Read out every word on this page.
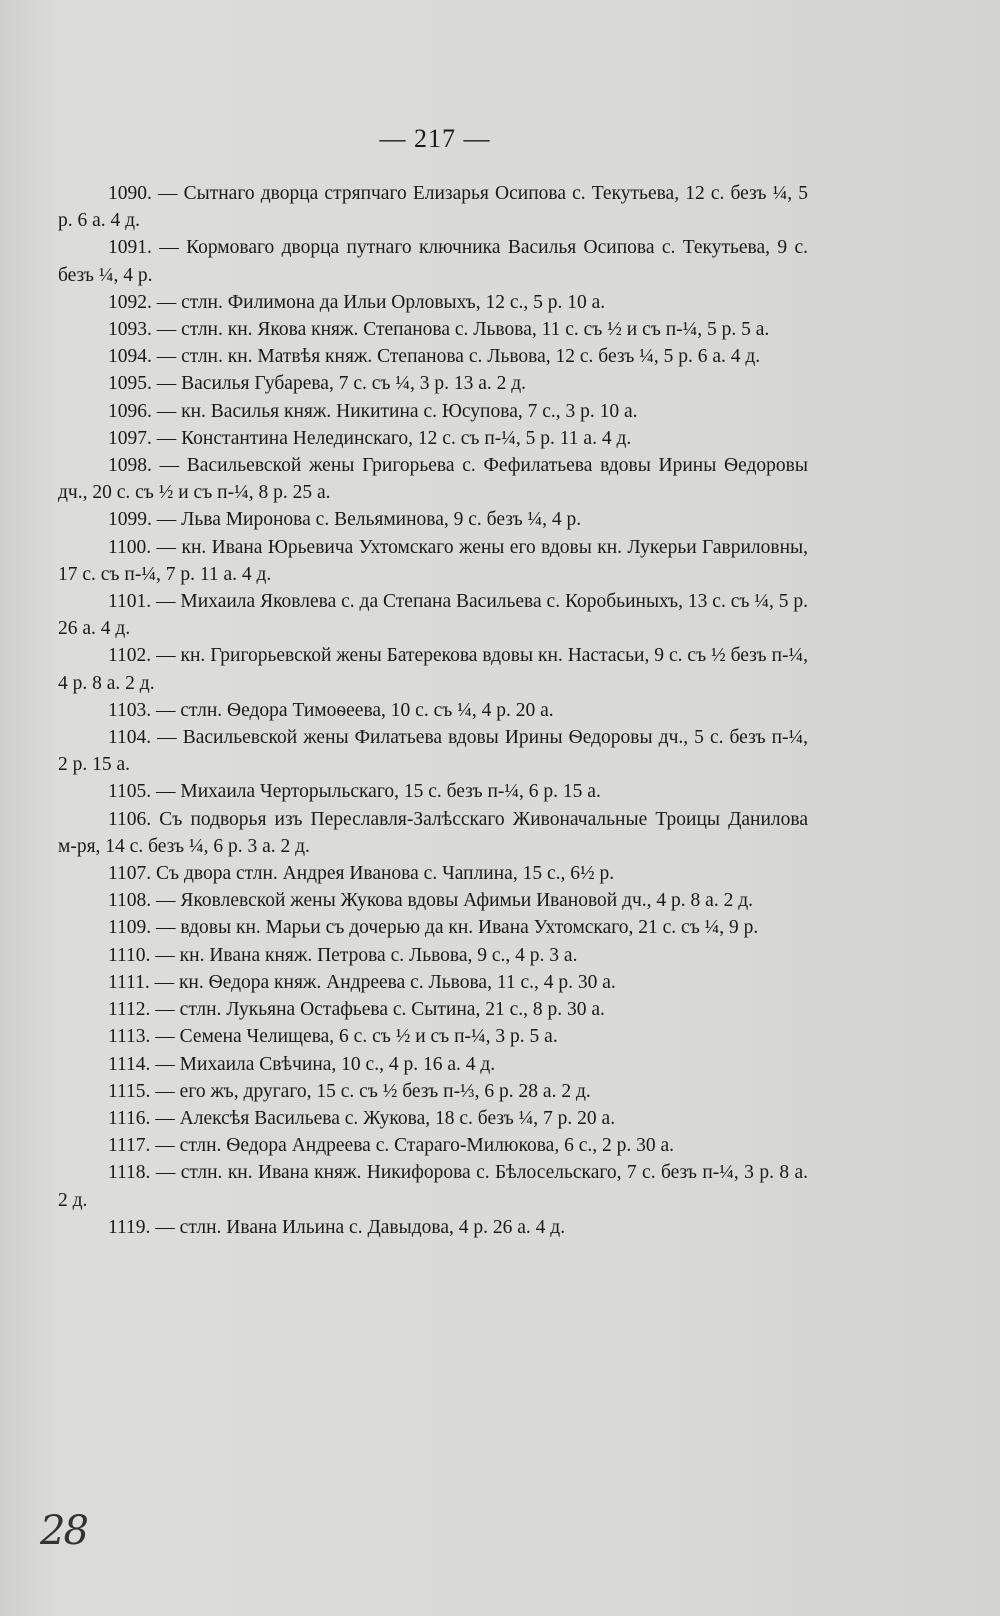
— 217 —

1090. — Сытнаго дворца стряпчаго Елизарья Осипова с. Текутьева, 12 с. безъ ¼, 5 р. 6 а. 4 д.

1091. — Кормоваго дворца путнаго ключника Василья Осипова с. Текутьева, 9 с. безъ ¼, 4 р.

1092. — стлн. Филимона да Ильи Орловыхъ, 12 с., 5 р. 10 а.

1093. — стлн. кн. Якова княж. Степанова с. Львова, 11 с. съ ½ и съ п-¼, 5 р. 5 а.

1094. — стлн. кн. Матвѣя княж. Степанова с. Львова, 12 с. безъ ¼, 5 р. 6 а. 4 д.

1095. — Василья Губарева, 7 с. съ ¼, 3 р. 13 а. 2 д.

1096. — кн. Василья княж. Никитина с. Юсупова, 7 с., 3 р. 10 а.

1097. — Константина Нелединскаго, 12 с. съ п-¼, 5 р. 11 а. 4 д.

1098. — Васильевской жены Григорьева с. Фефилатьева вдовы Ирины Ѳедоровы дч., 20 с. съ ½ и съ п-¼, 8 р. 25 а.

1099. — Льва Миронова с. Вельяминова, 9 с. безъ ¼, 4 р.

1100. — кн. Ивана Юрьевича Ухтомскаго жены его вдовы кн. Лукерьи Гавриловны, 17 с. съ п-¼, 7 р. 11 а. 4 д.

1101. — Михаила Яковлева с. да Степана Васильева с. Коробьиныхъ, 13 с. съ ¼, 5 р. 26 а. 4 д.

1102. — кн. Григорьевской жены Батерекова вдовы кн. Настасьи, 9 с. съ ½ безъ п-¼, 4 р. 8 а. 2 д.

1103. — стлн. Ѳедора Тимоѳеева, 10 с. съ ¼, 4 р. 20 а.

1104. — Васильевской жены Филатьева вдовы Ирины Ѳедоровы дч., 5 с. безъ п-¼, 2 р. 15 а.

1105. — Михаила Черторыльскаго, 15 с. безъ п-¼, 6 р. 15 а.

1106. Съ подворья изъ Переславля-Залѣсскаго Живоначальные Троицы Данилова м-ря, 14 с. безъ ¼, 6 р. 3 а. 2 д.

1107. Съ двора стлн. Андрея Иванова с. Чаплина, 15 с., 6½ р.

1108. — Яковлевской жены Жукова вдовы Афимьи Ивановой дч., 4 р. 8 а. 2 д.

1109. — вдовы кн. Марьи съ дочерью да кн. Ивана Ухтомскаго, 21 с. съ ¼, 9 р.

1110. — кн. Ивана княж. Петрова с. Львова, 9 с., 4 р. 3 а.

1111. — кн. Ѳедора княж. Андреева с. Львова, 11 с., 4 р. 30 а.

1112. — стлн. Лукьяна Остафьева с. Сытина, 21 с., 8 р. 30 а.

1113. — Семена Челищева, 6 с. съ ½ и съ п-¼, 3 р. 5 а.

1114. — Михаила Свѣчина, 10 с., 4 р. 16 а. 4 д.

1115. — его жъ, другаго, 15 с. съ ½ безъ п-⅓, 6 р. 28 а. 2 д.

1116. — Алексѣя Васильева с. Жукова, 18 с. безъ ¼, 7 р. 20 а.

1117. — стлн. Ѳедора Андреева с. Стараго-Милюкова, 6 с., 2 р. 30 а.

1118. — стлн. кн. Ивана княж. Никифорова с. Бѣлосельскаго, 7 с. безъ п-¼, 3 р. 8 а. 2 д.

1119. — стлн. Ивана Ильина с. Давыдова, 4 р. 26 а. 4 д.

28
